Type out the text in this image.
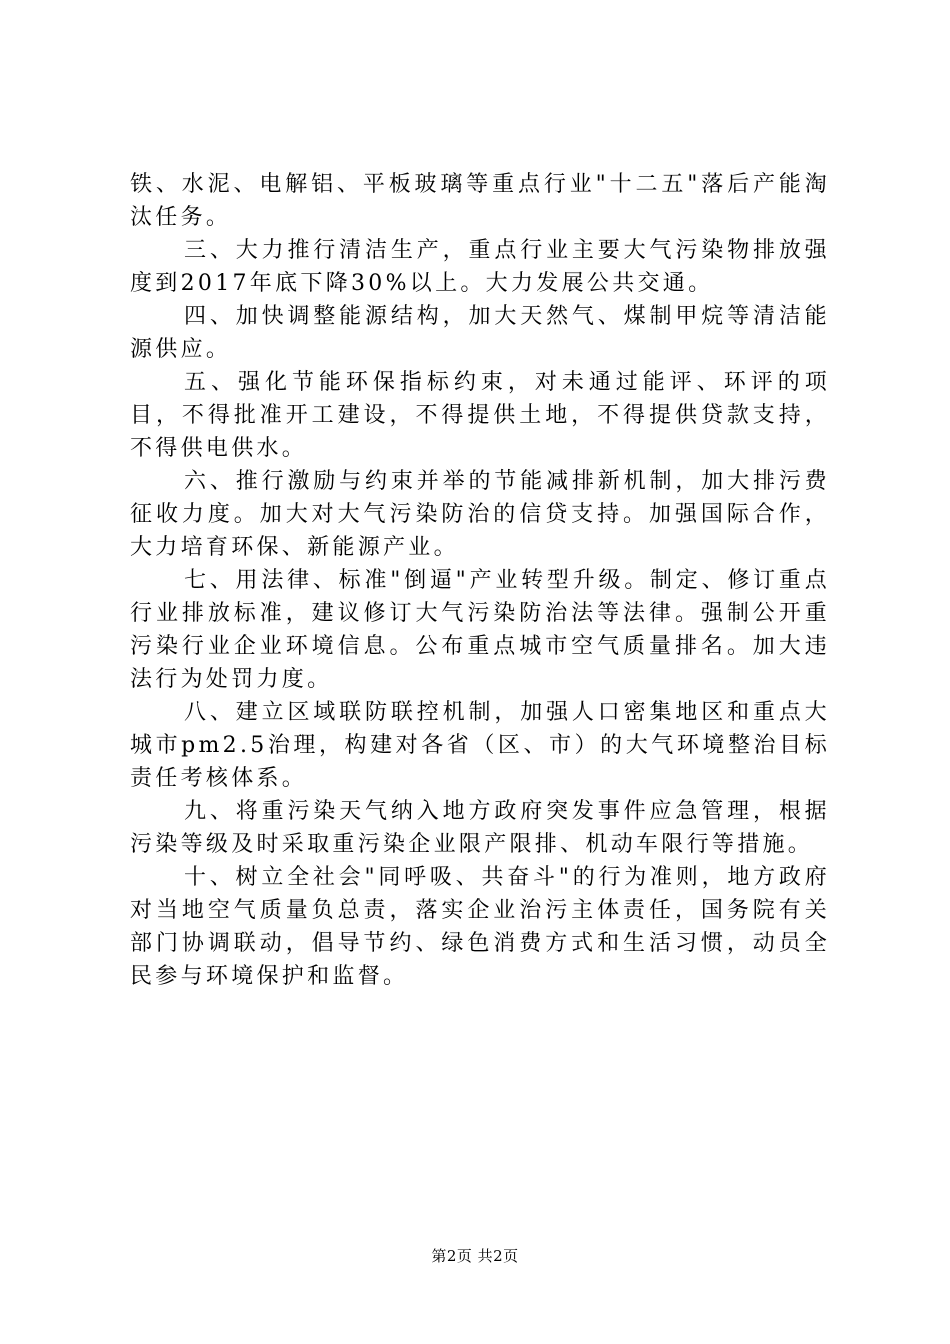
铁、水泥、电解铝、平板玻璃等重点行业"十二五"落后产能淘汰任务。

三、大力推行清洁生产，重点行业主要大气污染物排放强度到2017年底下降30%以上。大力发展公共交通。

四、加快调整能源结构，加大天然气、煤制甲烷等清洁能源供应。

五、强化节能环保指标约束，对未通过能评、环评的项目，不得批准开工建设，不得提供土地，不得提供贷款支持，不得供电供水。

六、推行激励与约束并举的节能减排新机制，加大排污费征收力度。加大对大气污染防治的信贷支持。加强国际合作，大力培育环保、新能源产业。

七、用法律、标准"倒逼"产业转型升级。制定、修订重点行业排放标准，建议修订大气污染防治法等法律。强制公开重污染行业企业环境信息。公布重点城市空气质量排名。加大违法行为处罚力度。

八、建立区域联防联控机制，加强人口密集地区和重点大城市pm2.5治理，构建对各省（区、市）的大气环境整治目标责任考核体系。

九、将重污染天气纳入地方政府突发事件应急管理，根据污染等级及时采取重污染企业限产限排、机动车限行等措施。

十、树立全社会"同呼吸、共奋斗"的行为准则，地方政府对当地空气质量负总责，落实企业治污主体责任，国务院有关部门协调联动，倡导节约、绿色消费方式和生活习惯，动员全民参与环境保护和监督。

第2页 共2页
